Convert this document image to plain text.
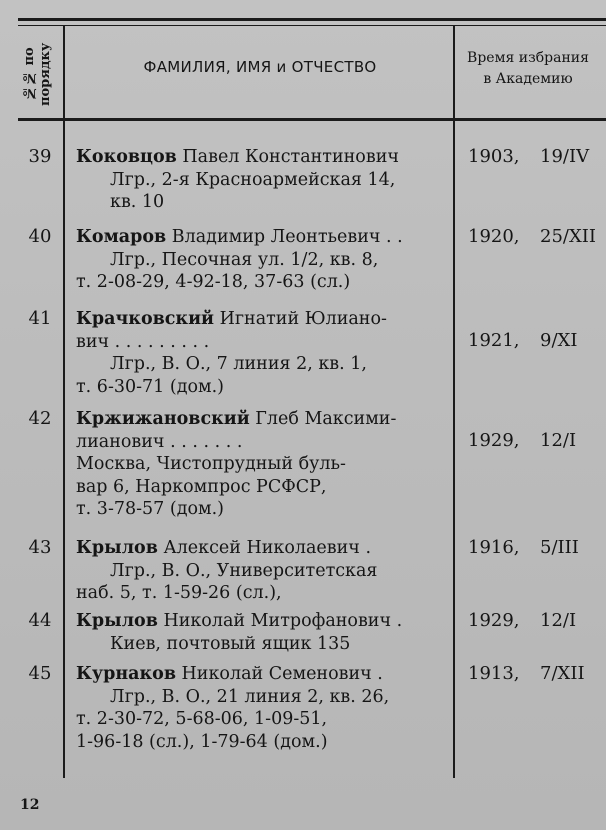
№№ по порядку	ФАМИЛИЯ, ИМЯ и ОТЧЕСТВО	Время избрания
в Академию
39	Коковцов Павел Константинович
Лгр., 2-я Красноармейская 14,
кв. 10
1903, 19/IV
40	Комаров Владимир Леонтьевич . .
Лгр., Песочная ул. 1/2, кв. 8,
т. 2-08-29, 4-92-18, 37-63 (сл.)
1920, 25/XII
41	Крачковский Игнатий Юлиано-
вич . . . . . . . . .
Лгр., В. О., 7 линия 2, кв. 1,
т. 6-30-71 (дом.)
1921, 9/XI
42	Кржижановский Глеб Максими-
лианович . . . . . . .
Москва, Чистопрудный буль-
вар 6, Наркомпрос РСФСР,
т. 3-78-57 (дом.)
1929, 12/I
43	Крылов Алексей Николаевич .
Лгр., В. О., Университетская
наб. 5, т. 1-59-26 (сл.),
1916, 5/III
44	Крылов Николай Митрофанович .
Киев, почтовый ящик 135
1929, 12/I
45	Курнаков Николай Семенович .
Лгр., В. О., 21 линия 2, кв. 26,
т. 2-30-72, 5-68-06, 1-09-51,
1-96-18 (сл.), 1-79-64 (дом.)
1913, 7/XII
12
